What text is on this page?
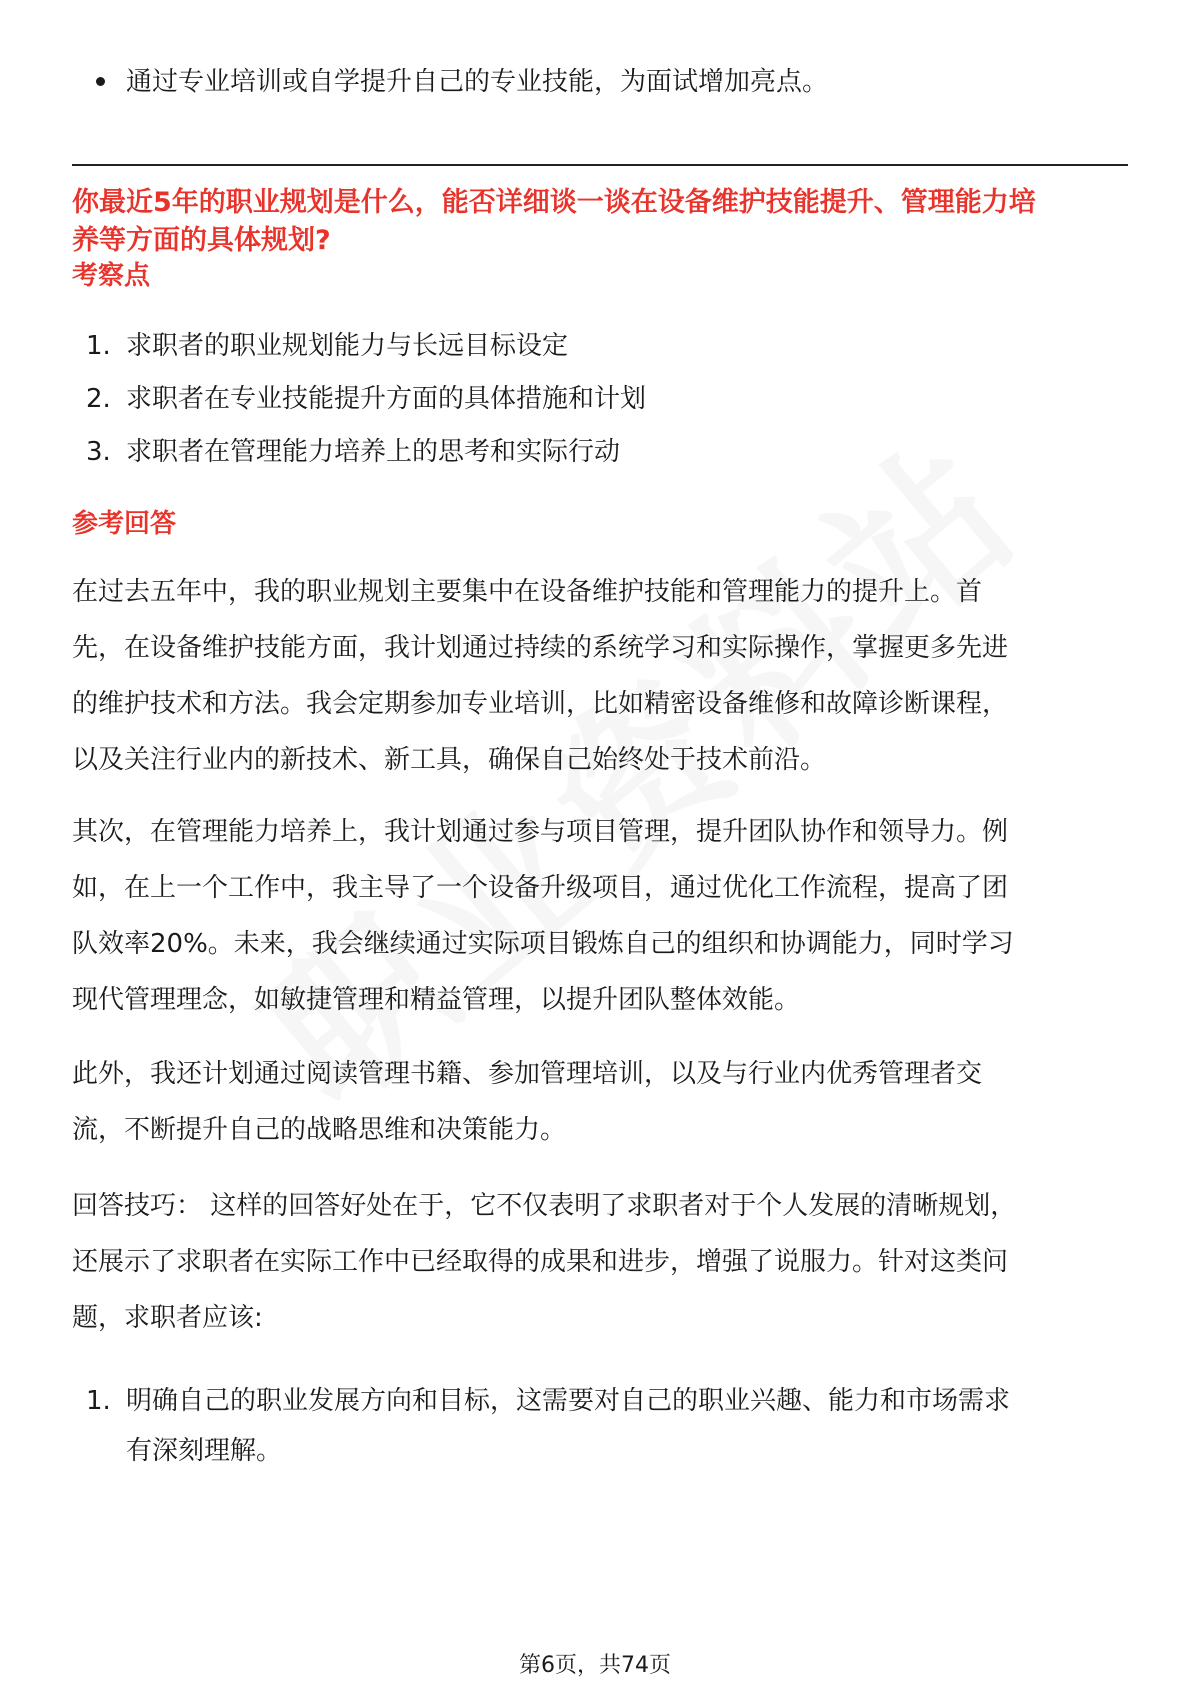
通过专业培训或自学提升自己的专业技能，为面试增加亮点。
你最近5年的职业规划是什么，能否详细谈一谈在设备维护技能提升、管理能力培
养等方面的具体规划?
考察点
1. 求职者的职业规划能力与长远目标设定
2. 求职者在专业技能提升方面的具体措施和计划
3. 求职者在管理能力培养上的思考和实际行动
参考回答
在过去五年中，我的职业规划主要集中在设备维护技能和管理能力的提升上。首
先，在设备维护技能方面，我计划通过持续的系统学习和实际操作，掌握更多先进
的维护技术和方法。我会定期参加专业培训，比如精密设备维修和故障诊断课程，
以及关注行业内的新技术、新工具，确保自己始终处于技术前沿。
其次，在管理能力培养上，我计划通过参与项目管理，提升团队协作和领导力。例
如，在上一个工作中，我主导了一个设备升级项目，通过优化工作流程，提高了团
队效率20%。未来，我会继续通过实际项目锻炼自己的组织和协调能力，同时学习
现代管理理念，如敏捷管理和精益管理，以提升团队整体效能。
此外，我还计划通过阅读管理书籍、参加管理培训，以及与行业内优秀管理者交
流，不断提升自己的战略思维和决策能力。
回答技巧： 这样的回答好处在于，它不仅表明了求职者对于个人发展的清晰规划，
还展示了求职者在实际工作中已经取得的成果和进步，增强了说服力。针对这类问
题，求职者应该:
1. 明确自己的职业发展方向和目标，这需要对自己的职业兴趣、能力和市场需求
有深刻理解。
第6页，共74页
